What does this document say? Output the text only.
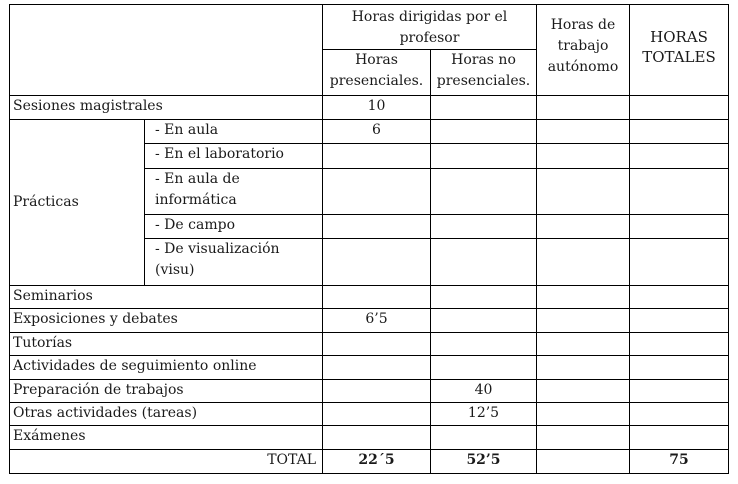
		Horas dirigidas por el profesor		Horas de trabajo autónomo	HORAS TOTALES
		Horas presenciales.	Horas no presenciales.		
Sesiones magistrales		10			
Prácticas	- En aula	6			
	- En el laboratorio				
	- En aula de informática				
	- De campo				
	- De visualización (visu)				
Seminarios					
Exposiciones y debates		6’5			
Tutorías					
Actividades de seguimiento online					
Preparación de trabajos			40		
Otras actividades (tareas)			12’5		
Exámenes					
TOTAL		22´5	52’5		75
